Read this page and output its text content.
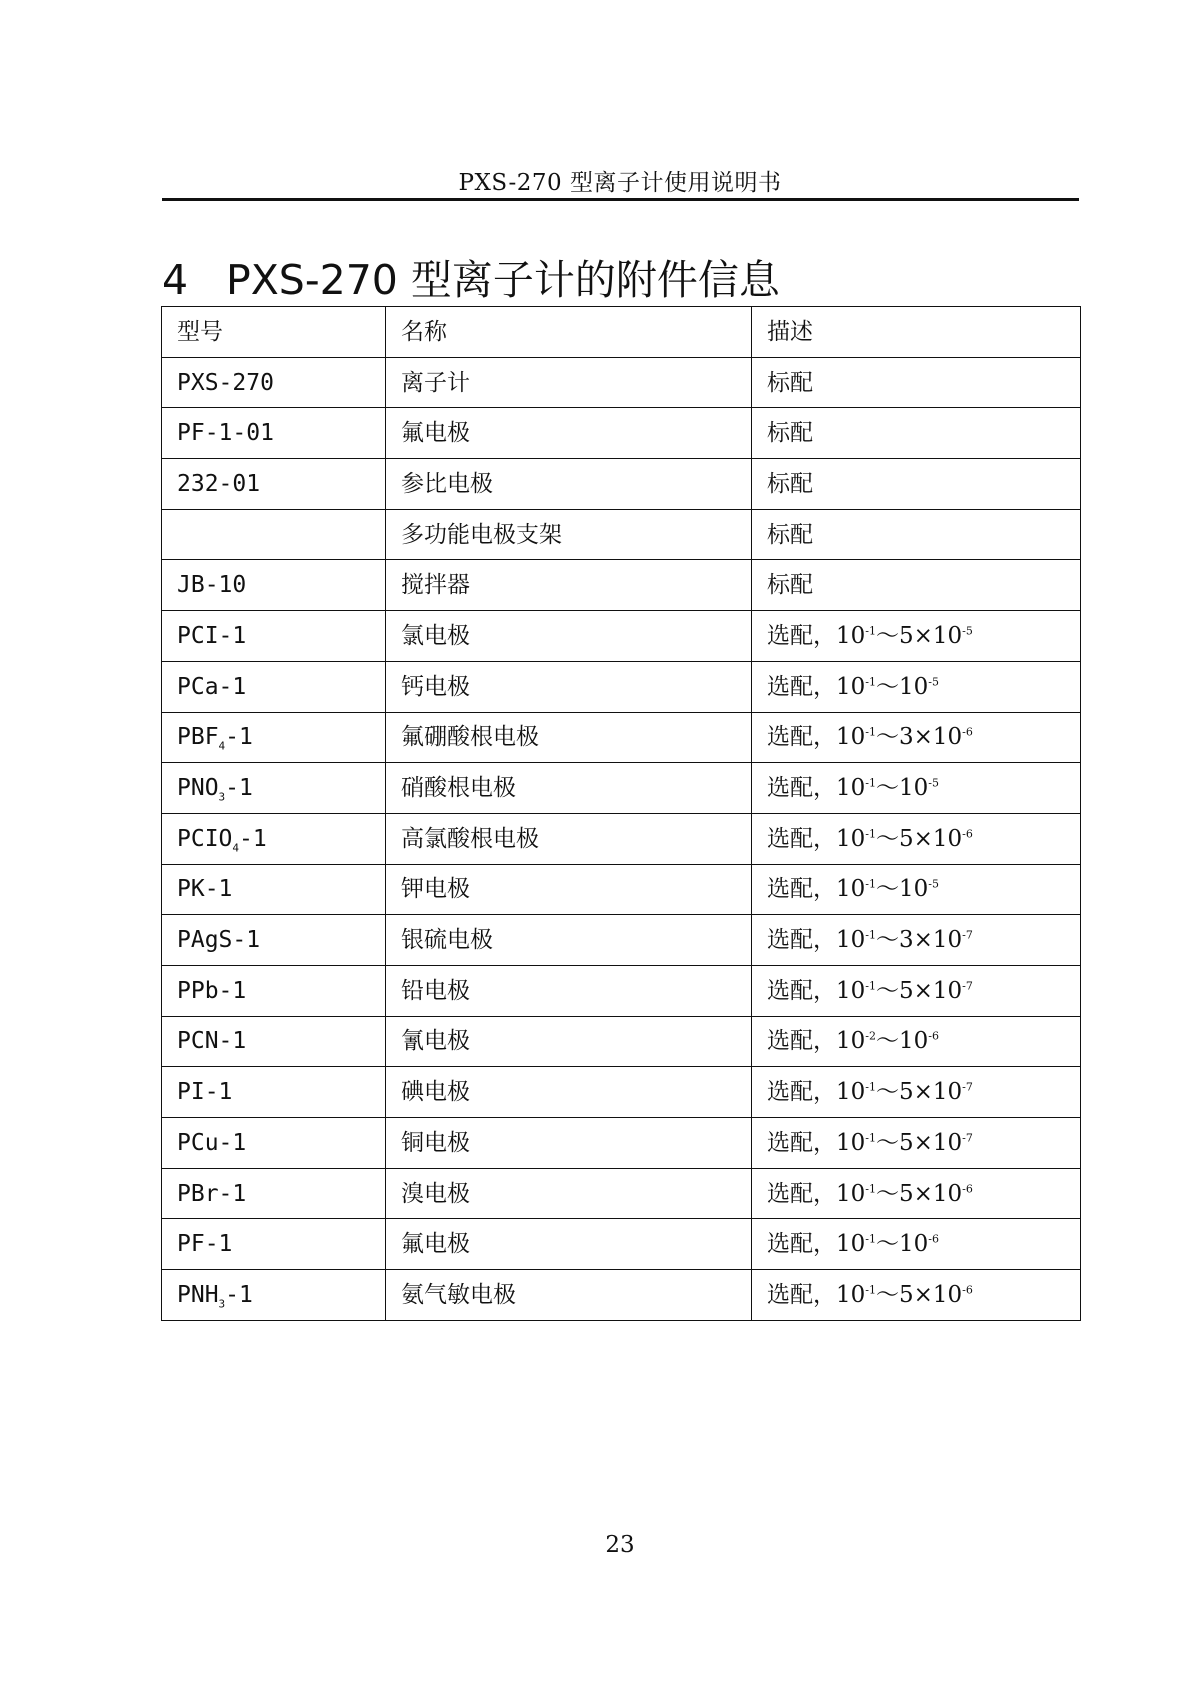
PXS-270 型离子计使用说明书
4 PXS-270 型离子计的附件信息
型号	名称	描述
PXS-270	离子计	标配
PF-1-01	氟电极	标配
232-01	参比电极	标配
	多功能电极支架	标配
JB-10	搅拌器	标配
PCI-1	氯电极	选配，$10^{-1}\sim 5\times 10^{-5}$
PCa-1	钙电极	选配，$10^{-1}\sim 10^{-5}$
$PBF_4-1$	氟硼酸根电极	选配，$10^{-1}\sim 3\times 10^{-6}$
$PNO_3-1$	硝酸根电极	选配，$10^{-1}\sim 10^{-5}$
$PCIO_4-1$	高氯酸根电极	选配，$10^{-1}\sim 5\times 10^{-6}$
PK-1	钾电极	选配，$10^{-1}\sim 10^{-5}$
PAgS-1	银硫电极	选配，$10^{-1}\sim 3\times 10^{-7}$
PPb-1	铅电极	选配，$10^{-1}\sim 5\times 10^{-7}$
PCN-1	氰电极	选配，$10^{-2}\sim 10^{-6}$
PI-1	碘电极	选配，$10^{-1}\sim 5\times 10^{-7}$
PCu-1	铜电极	选配，$10^{-1}\sim 5\times 10^{-7}$
PBr-1	溴电极	选配，$10^{-1}\sim 5\times 10^{-6}$
PF-1	氟电极	选配，$10^{-1}\sim 10^{-6}$
$PNH_3-1$	氨气敏电极	选配，$10^{-1}\sim 5\times 10^{-6}$
23
